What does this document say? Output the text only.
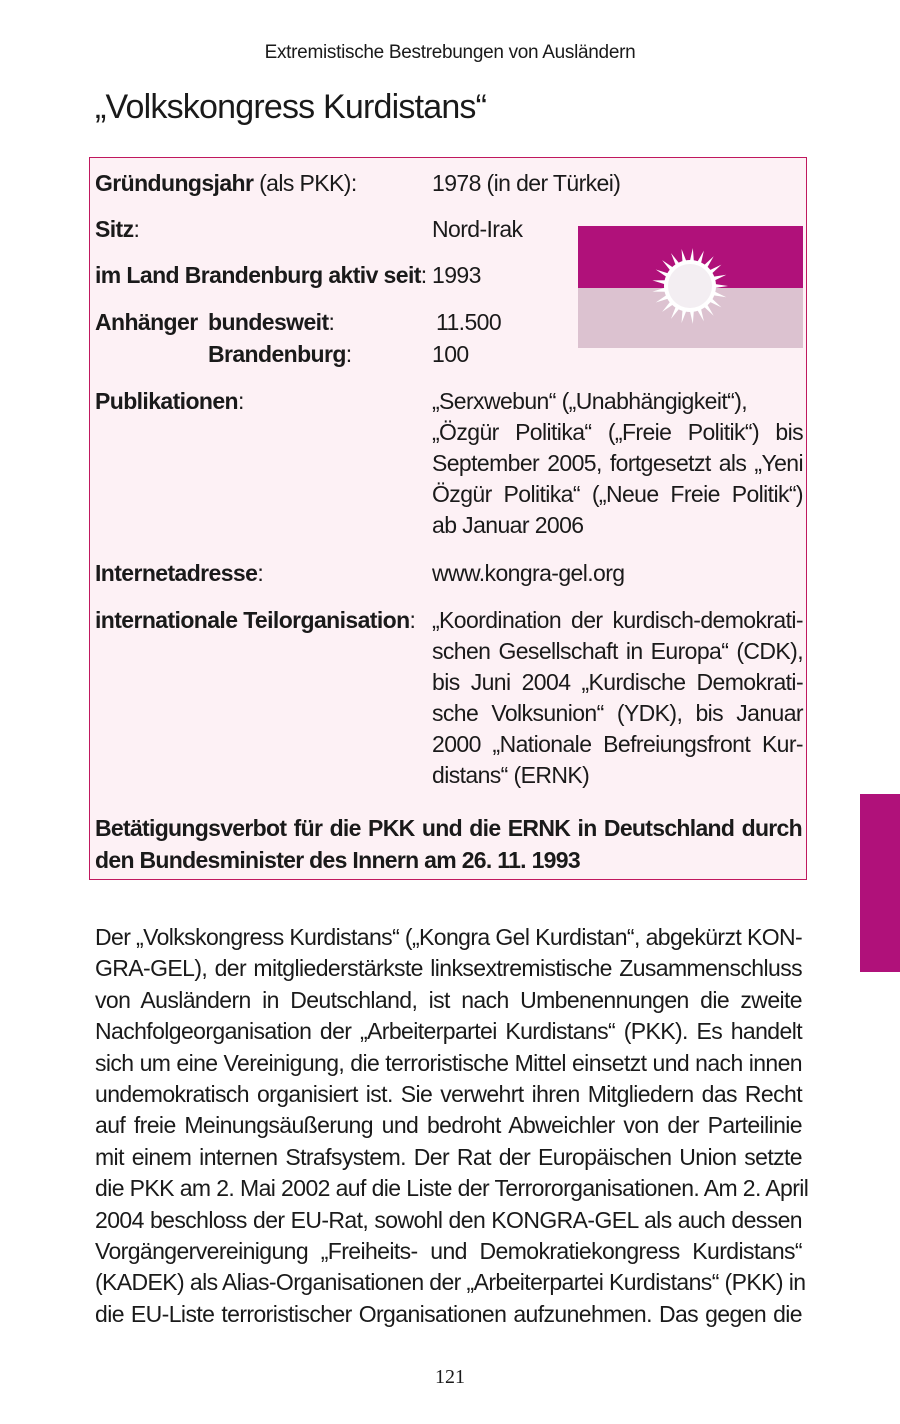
Extremistische Bestrebungen von Ausländern
„Volkskongress Kurdistans“
Gründungsjahr (als PKK):	1978 (in der Türkei)
Sitz:	Nord-Irak
im Land Brandenburg aktiv seit: 1993
Anhänger bundesweit:	11.500
Brandenburg:	100
Publikationen:	„Serxwebun“ („Unabhängigkeit“),
„Özgür Politika“ („Freie Politik“) bis
September 2005, fortgesetzt als „Yeni
Özgür Politika“ („Neue Freie Politik“)
ab Januar 2006
Internetadresse:	www.kongra-gel.org
internationale Teilorganisation: „Koordination der kurdisch-demokrati-
schen Gesellschaft in Europa“ (CDK),
bis Juni 2004 „Kurdische Demokrati-
sche Volksunion“ (YDK), bis Januar
2000 „Nationale Befreiungsfront Kur-
distans“ (ERNK)
Betätigungsverbot für die PKK und die ERNK in Deutschland durch
den Bundesminister des Innern am 26. 11. 1993
Der „Volkskongress Kurdistans“ („Kongra Gel Kurdistan“, abgekürzt KON-
GRA-GEL), der mitgliederstärkste linksextremistische Zusammenschluss
von Ausländern in Deutschland, ist nach Umbenennungen die zweite
Nachfolgeorganisation der „Arbeiterpartei Kurdistans“ (PKK). Es handelt
sich um eine Vereinigung, die terroristische Mittel einsetzt und nach innen
undemokratisch organisiert ist. Sie verwehrt ihren Mitgliedern das Recht
auf freie Meinungsäußerung und bedroht Abweichler von der Parteilinie
mit einem internen Strafsystem. Der Rat der Europäischen Union setzte
die PKK am 2. Mai 2002 auf die Liste der Terrororganisationen. Am 2. April
2004 beschloss der EU-Rat, sowohl den KONGRA-GEL als auch dessen
Vorgängervereinigung „Freiheits- und Demokratiekongress Kurdistans“
(KADEK) als Alias-Organisationen der „Arbeiterpartei Kurdistans“ (PKK) in
die EU-Liste terroristischer Organisationen aufzunehmen. Das gegen die
121
